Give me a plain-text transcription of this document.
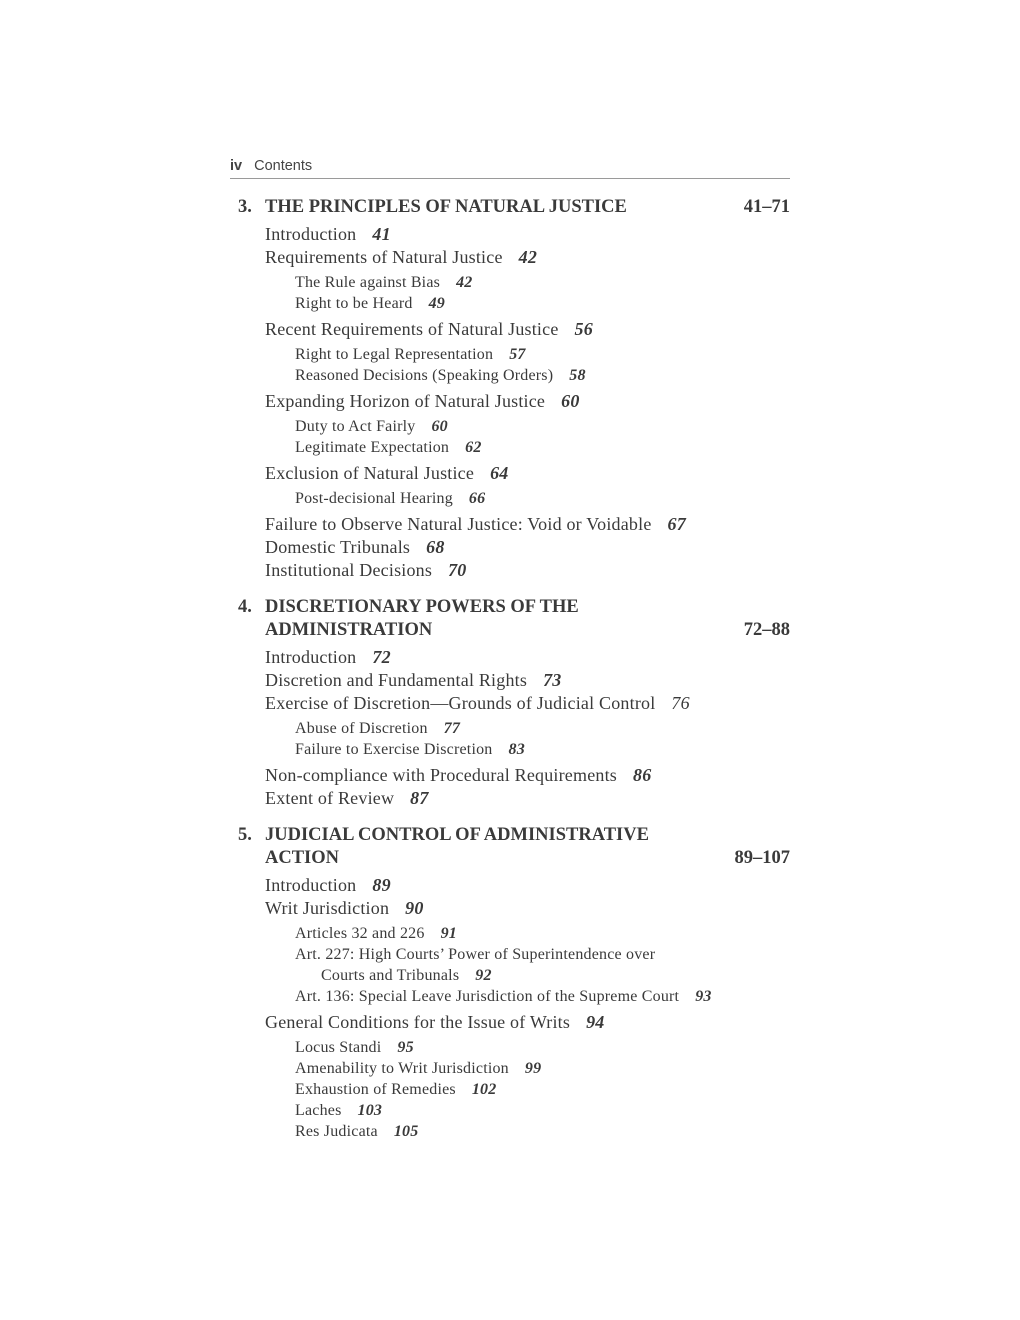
iv Contents
3. THE PRINCIPLES OF NATURAL JUSTICE	41–71
Introduction 41
Requirements of Natural Justice 42
The Rule against Bias 42
Right to be Heard 49
Recent Requirements of Natural Justice 56
Right to Legal Representation 57
Reasoned Decisions (Speaking Orders) 58
Expanding Horizon of Natural Justice 60
Duty to Act Fairly 60
Legitimate Expectation 62
Exclusion of Natural Justice 64
Post-decisional Hearing 66
Failure to Observe Natural Justice: Void or Voidable 67
Domestic Tribunals 68
Institutional Decisions 70
4. DISCRETIONARY POWERS OF THE
ADMINISTRATION	72–88
Introduction 72
Discretion and Fundamental Rights 73
Exercise of Discretion—Grounds of Judicial Control 76
Abuse of Discretion 77
Failure to Exercise Discretion 83
Non-compliance with Procedural Requirements 86
Extent of Review 87
5. JUDICIAL CONTROL OF ADMINISTRATIVE
ACTION	89–107
Introduction 89
Writ Jurisdiction 90
Articles 32 and 226 91
Art. 227: High Courts’ Power of Superintendence over
Courts and Tribunals 92
Art. 136: Special Leave Jurisdiction of the Supreme Court 93
General Conditions for the Issue of Writs 94
Locus Standi 95
Amenability to Writ Jurisdiction 99
Exhaustion of Remedies 102
Laches 103
Res Judicata 105
